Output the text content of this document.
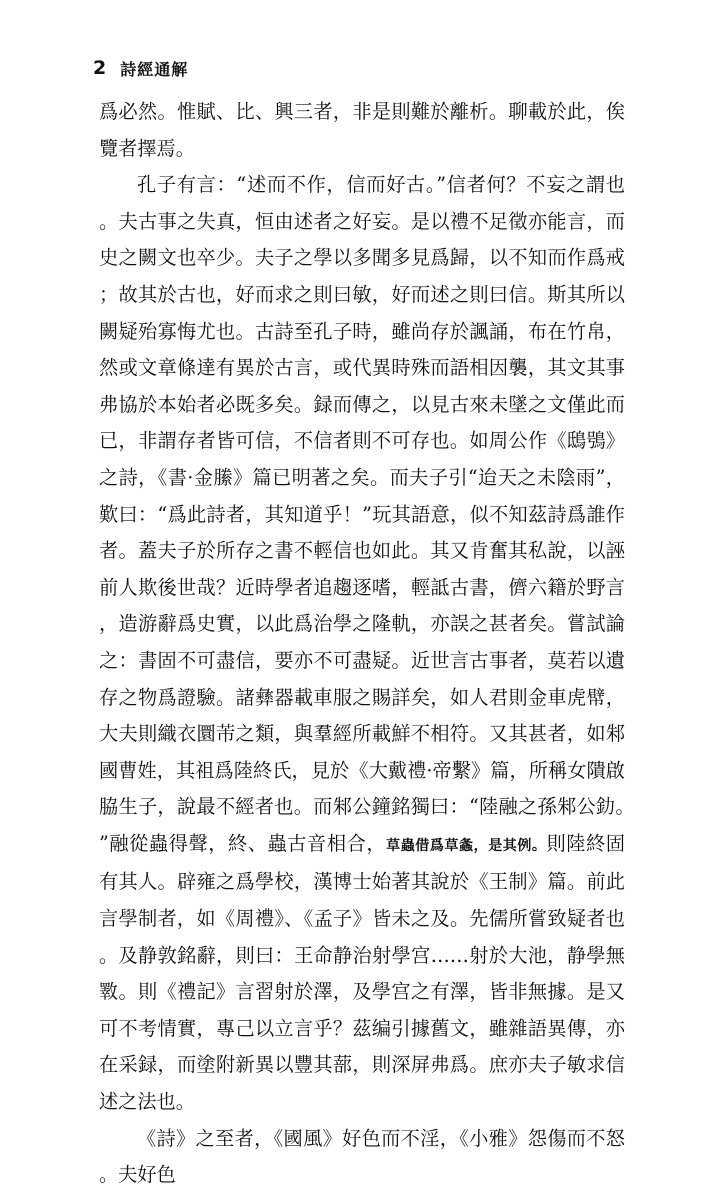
2 詩經通解

爲必然。惟賦、比、興三者，非是則難於離析。聊載於此，俟覽者擇焉。

孔子有言：“述而不作，信而好古。”信者何？不妄之謂也。夫古事之失真，恒由述者之好妄。是以禮不足徵亦能言，而史之闕文也卒少。夫子之學以多聞多見爲歸，以不知而作爲戒；故其於古也，好而求之則曰敏，好而述之則曰信。斯其所以闕疑殆寡悔尤也。古詩至孔子時，雖尚存於諷誦，布在竹帛，然或文章條達有異於古言，或代異時殊而語相因襲，其文其事弗協於本始者必既多矣。録而傳之，以見古來未墜之文僅此而已，非謂存者皆可信，不信者則不可存也。如周公作《鴟鴞》之詩，《書·金縢》篇已明著之矣。而夫子引“迨天之未陰雨”，歎曰：“爲此詩者，其知道乎！”玩其語意，似不知茲詩爲誰作者。蓋夫子於所存之書不輕信也如此。其又肯奮其私說，以誣前人欺後世哉？近時學者追趨逐嗜，輕詆古書，儕六籍於野言，造游辭爲史實，以此爲治學之隆軌，亦誤之甚者矣。嘗試論之：書固不可盡信，要亦不可盡疑。近世言古事者，莫若以遺存之物爲證驗。諸彝器載車服之賜詳矣，如人君則金車虎幦，大夫則織衣圜芾之類，與羣經所載鮮不相符。又其甚者，如邾國曹姓，其祖爲陸終氏，見於《大戴禮·帝繫》篇，所稱女隤啟脇生子，說最不經者也。而邾公鐘銘獨曰：“陸融之孫邾公釛。”融從蟲得聲，終、蟲古音相合，草蟲借爲草螽，是其例。則陸終固有其人。辟雍之爲學校，漢博士始著其說於《王制》篇。前此言學制者，如《周禮》、《孟子》皆未之及。先儒所嘗致疑者也。及静敦銘辭，則曰：王命静治射學宫……射於大池，静學無斁。則《禮記》言習射於澤，及學宫之有澤，皆非無據。是又可不考情實，專己以立言乎？茲编引據舊文，雖雜語異傳，亦在采録，而塗附新異以豐其蔀，則深屏弗爲。庶亦夫子敏求信述之法也。

《詩》之至者，《國風》好色而不淫，《小雅》怨傷而不怒。夫好色
